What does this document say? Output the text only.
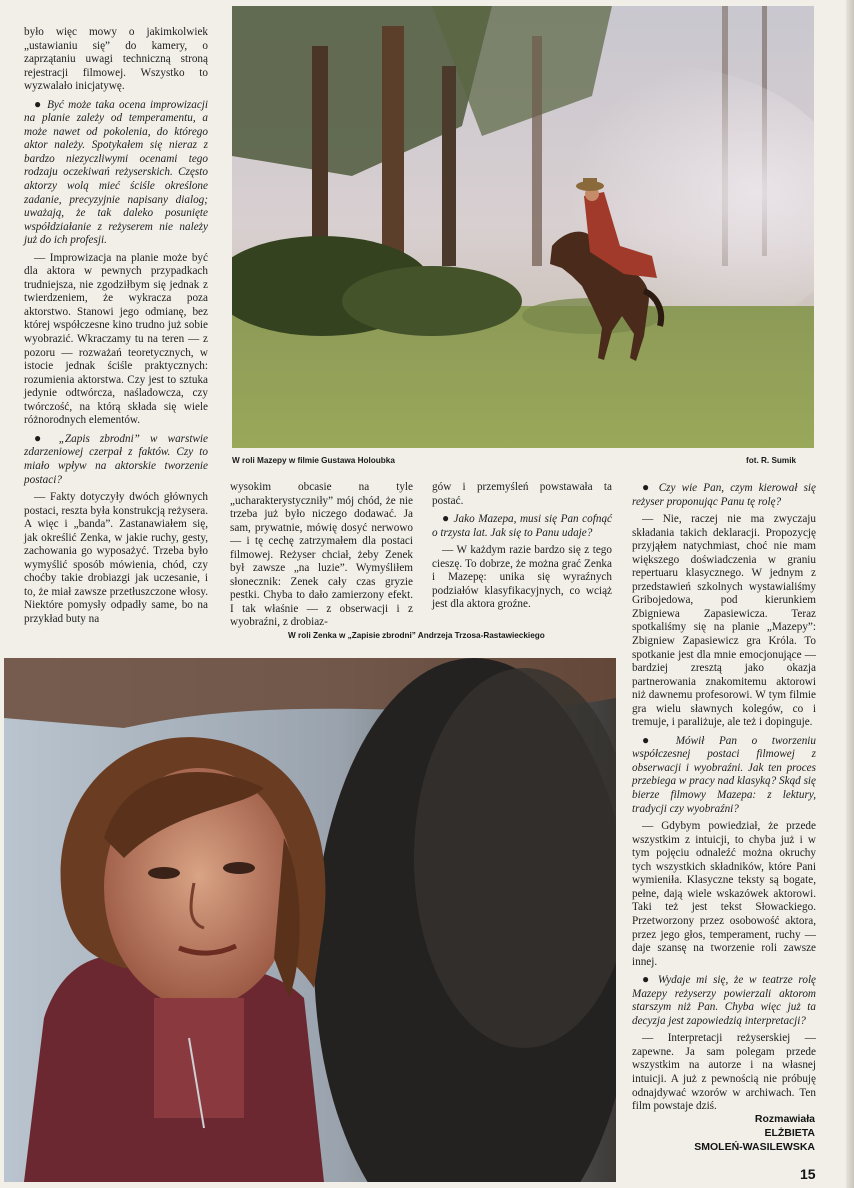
było więc mowy o jakimkolwiek „ustawianiu się” do kamery, o zaprzątaniu uwagi techniczną stroną rejestracji filmowej. Wszystko to wyzwalało inicjatywę.

● Być może taka ocena improwizacji na planie zależy od temperamentu, a może nawet od pokolenia, do którego aktor należy. Spotykałem się nieraz z bardzo niezyczliwymi ocenami tego rodzaju oczekiwań reżyserskich. Często aktorzy wolą mieć ściśle określone zadanie, precyzyjnie napisany dialog; uważają, że tak daleko posunięte współdziałanie z reżyserem nie należy już do ich profesji.

— Improwizacja na planie może być dla aktora w pewnych przypadkach trudniejsza, nie zgodziłbym się jednak z twierdzeniem, że wykracza poza aktorstwo. Stanowi jego odmianę, bez której współczesne kino trudno już sobie wyobrazić. Wkraczamy tu na teren — z pozoru — rozważań teoretycznych, w istocie jednak ściśle praktycznych: rozumienia aktorstwa. Czy jest to sztuka jedynie odtwórcza, naśladowcza, czy twórczość, na którą składa się wiele różnorodnych elementów.

● „Zapis zbrodni” w warstwie zdarzeniowej czerpał z faktów. Czy to miało wpływ na aktorskie tworzenie postaci?

— Fakty dotyczyły dwóch głównych postaci, reszta była konstrukcją reżysera. A więc i „banda”. Zastanawiałem się, jak określić Zenka, w jakie ruchy, gesty, zachowania go wyposażyć. Trzeba było wymyślić sposób mówienia, chód, czy choćby takie drobiazgi jak uczesanie, i to, że miał zawsze przetłuszczone włosy. Niektóre pomysły odpadły same, bo na przykład buty na

W roli Mazepy w filmie Gustawa Holoubka	fot. R. Sumik

wysokim obcasie na tyle „ucharakterystyczniły” mój chód, że nie trzeba już było niczego dodawać. Ja sam, prywatnie, mówię dosyć nerwowo — i tę cechę zatrzymałem dla postaci filmowej. Reżyser chciał, żeby Zenek był zawsze „na luzie”. Wymyśliłem słonecznik: Zenek cały czas gryzie pestki. Chyba to dało zamierzony efekt. I tak właśnie — z obserwacji i z wyobraźni, z drobiaz-

gów i przemyśleń powstawała ta postać.

● Jako Mazepa, musi się Pan cofnąć o trzysta lat. Jak się to Panu udaje?

— W każdym razie bardzo się z tego cieszę. To dobrze, że można grać Zenka i Mazepę: unika się wyraźnych podziałów klasyfikacyjnych, co wciąż jest dla aktora groźne.

W roli Zenka w „Zapisie zbrodni” Andrzeja Trzosa-Rastawieckiego

● Czy wie Pan, czym kierował się reżyser proponując Panu tę rolę?

— Nie, raczej nie ma zwyczaju składania takich deklaracji. Propozycję przyjąłem natychmiast, choć nie mam większego doświadczenia w graniu repertuaru klasycznego. W jednym z przedstawień szkolnych wystawialiśmy Gribojedowa, pod kierunkiem Zbigniewa Zapasiewicza. Teraz spotkaliśmy się na planie „Mazepy”: Zbigniew Zapasiewicz gra Króla. To spotkanie jest dla mnie emocjonujące — bardziej zresztą jako okazja partnerowania znakomitemu aktorowi niż dawnemu profesorowi. W tym filmie gra wielu sławnych kolegów, co i tremuje, i paraliżuje, ale też i dopinguje.

● Mówił Pan o tworzeniu współczesnej postaci filmowej z obserwacji i wyobraźni. Jak ten proces przebiega w pracy nad klasyką? Skąd się bierze filmowy Mazepa: z lektury, tradycji czy wyobraźni?

— Gdybym powiedział, że przede wszystkim z intuicji, to chyba już i w tym pojęciu odnaleźć można okruchy tych wszystkich składników, które Pani wymieniła. Klasyczne teksty są bogate, pełne, dają wiele wskazówek aktorowi. Taki też jest tekst Słowackiego. Przetworzony przez osobowość aktora, przez jego głos, temperament, ruchy — daje szansę na tworzenie roli zawsze innej.

● Wydaje mi się, że w teatrze rolę Mazepy reżyserzy powierzali aktorom starszym niż Pan. Chyba więc już ta decyzja jest zapowiedzią interpretacji?

— Interpretacji reżyserskiej — zapewne. Ja sam polegam przede wszystkim na autorze i na własnej intuicji. A już z pewnością nie próbuję odnajdywać wzorów w archiwach. Ten film powstaje dziś.

Rozmawiała
ELŻBIETA
SMOLEŃ-WASILEWSKA
15
